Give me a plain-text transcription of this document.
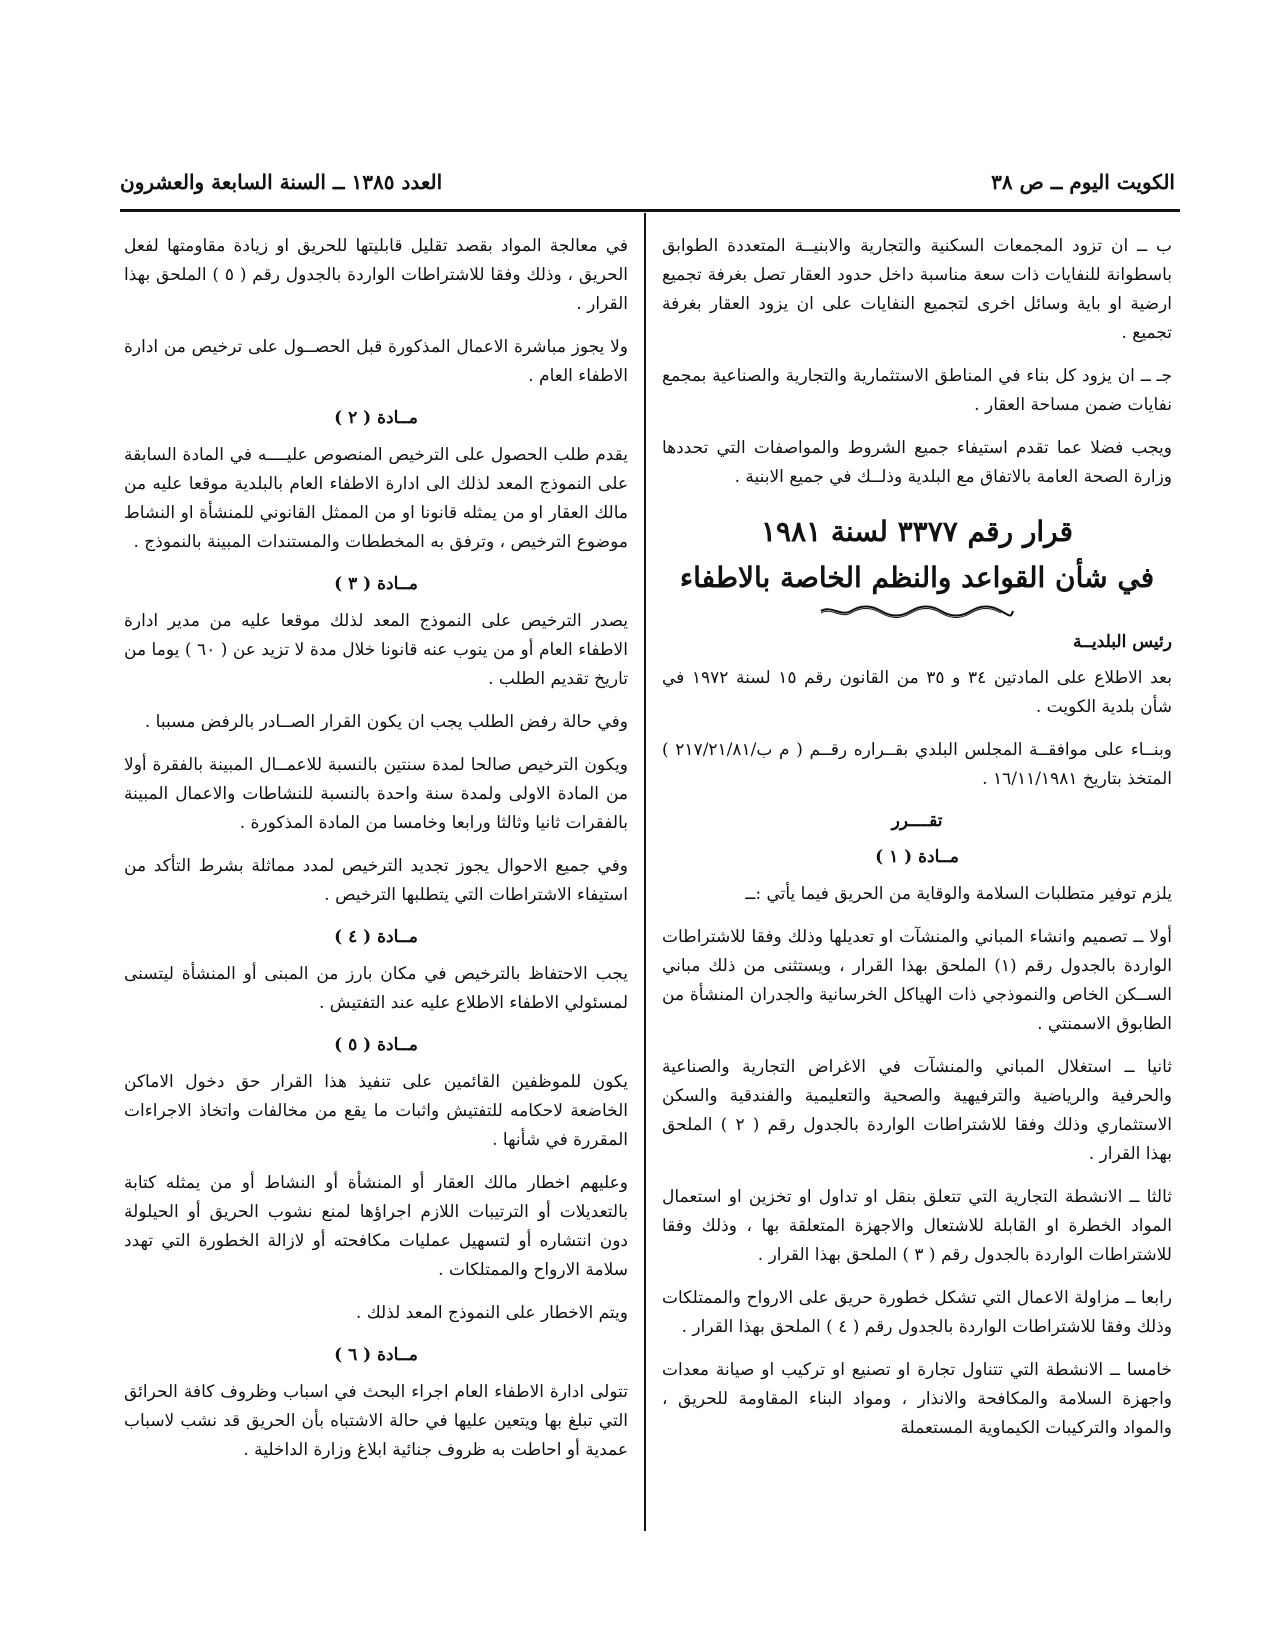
الكويت اليوم ــ ص ٣٨
العدد ١٣٨٥ ــ السنة السابعة والعشرون

ب ــ ان تزود المجمعات السكنية والتجارية والابنيــة المتعددة الطوابق باسطوانة للنفايات ذات سعة مناسبة داخل حدود العقار تصل بغرفة تجميع ارضية او باية وسائل اخرى لتجميع النفايات على ان يزود العقار بغرفة تجميع .

جـ ــ ان يزود كل بناء في المناطق الاستثمارية والتجارية والصناعية بمجمع نفايات ضمن مساحة العقار .

ويجب فضلا عما تقدم استيفاء جميع الشروط والمواصفات التي تحددها وزارة الصحة العامة بالاتفاق مع البلدية وذلــك في جميع الابنية .

قرار رقم ٣٣٧٧ لسنة ١٩٨١
في شأن القواعد والنظم الخاصة بالاطفاء
رئيس البلديــة

بعد الاطلاع على المادتين ٣٤ و ٣٥ من القانون رقم ١٥ لسنة ١٩٧٢ في شأن بلدية الكويت .

وبنــاء على موافقــة المجلس البلدي بقــراره رقــم ( م ب/٢١٧/٢١/٨١ ) المتخذ بتاريخ ١٦/١١/١٩٨١ .

تقــــرر
مــادة ( ١ )

يلزم توفير متطلبات السلامة والوقاية من الحريق فيما يأتي :ــ

أولا ــ تصميم وانشاء المباني والمنشآت او تعديلها وذلك وفقا للاشتراطات الواردة بالجدول رقم (١) الملحق بهذا القرار ، ويستثنى من ذلك مباني الســكن الخاص والنموذجي ذات الهياكل الخرسانية والجدران المنشأة من الطابوق الاسمنتي .

ثانيا ــ استغلال المباني والمنشآت في الاغراض التجارية والصناعية والحرفية والرياضية والترفيهية والصحية والتعليمية والفندقية والسكن الاستثماري وذلك وفقا للاشتراطات الواردة بالجدول رقم ( ٢ ) الملحق بهذا القرار .

ثالثا ــ الانشطة التجارية التي تتعلق بنقل او تداول او تخزين او استعمال المواد الخطرة او القابلة للاشتعال والاجهزة المتعلقة بها ، وذلك وفقا للاشتراطات الواردة بالجدول رقم ( ٣ ) الملحق بهذا القرار .

رابعا ــ مزاولة الاعمال التي تشكل خطورة حريق على الارواح والممتلكات وذلك وفقا للاشتراطات الواردة بالجدول رقم ( ٤ ) الملحق بهذا القرار .

خامسا ــ الانشطة التي تتناول تجارة او تصنيع او تركيب او صيانة معدات واجهزة السلامة والمكافحة والانذار ، ومواد البناء المقاومة للحريق ، والمواد والتركيبات الكيماوية المستعملة

في معالجة المواد بقصد تقليل قابليتها للحريق او زيادة مقاومتها لفعل الحريق ، وذلك وفقا للاشتراطات الواردة بالجدول رقم ( ٥ ) الملحق بهذا القرار .

ولا يجوز مباشرة الاعمال المذكورة قبل الحصــول على ترخيص من ادارة الاطفاء العام .

مــادة ( ٢ )

يقدم طلب الحصول على الترخيص المنصوص عليــــه في المادة السابقة على النموذج المعد لذلك الى ادارة الاطفاء العام بالبلدية موقعا عليه من مالك العقار او من يمثله قانونا او من الممثل القانوني للمنشأة او النشاط موضوع الترخيص ، وترفق به المخططات والمستندات المبينة بالنموذج .

مــادة ( ٣ )

يصدر الترخيص على النموذج المعد لذلك موقعا عليه من مدير ادارة الاطفاء العام أو من ينوب عنه قانونا خلال مدة لا تزيد عن ( ٦٠ ) يوما من تاريخ تقديم الطلب .

وفي حالة رفض الطلب يجب ان يكون القرار الصــادر بالرفض مسببا .

ويكون الترخيص صالحا لمدة سنتين بالنسبة للاعمــال المبينة بالفقرة أولا من المادة الاولى ولمدة سنة واحدة بالنسبة للنشاطات والاعمال المبينة بالفقرات ثانيا وثالثا ورابعا وخامسا من المادة المذكورة .

وفي جميع الاحوال يجوز تجديد الترخيص لمدد مماثلة بشرط التأكد من استيفاء الاشتراطات التي يتطلبها الترخيص .

مــادة ( ٤ )

يجب الاحتفاظ بالترخيص في مكان بارز من المبنى أو المنشأة ليتسنى لمسئولي الاطفاء الاطلاع عليه عند التفتيش .

مــادة ( ٥ )

يكون للموظفين القائمين على تنفيذ هذا القرار حق دخول الاماكن الخاضعة لاحكامه للتفتيش واثبات ما يقع من مخالفات واتخاذ الاجراءات المقررة في شأنها .

وعليهم اخطار مالك العقار أو المنشأة أو النشاط أو من يمثله كتابة بالتعديلات أو الترتيبات اللازم اجراؤها لمنع نشوب الحريق أو الحيلولة دون انتشاره أو لتسهيل عمليات مكافحته أو لازالة الخطورة التي تهدد سلامة الارواح والممتلكات .

ويتم الاخطار على النموذج المعد لذلك .

مــادة ( ٦ )

تتولى ادارة الاطفاء العام اجراء البحث في اسباب وظروف كافة الحرائق التي تبلغ بها ويتعين عليها في حالة الاشتباه بأن الحريق قد نشب لاسباب عمدية أو احاطت به ظروف جنائية ابلاغ وزارة الداخلية .
